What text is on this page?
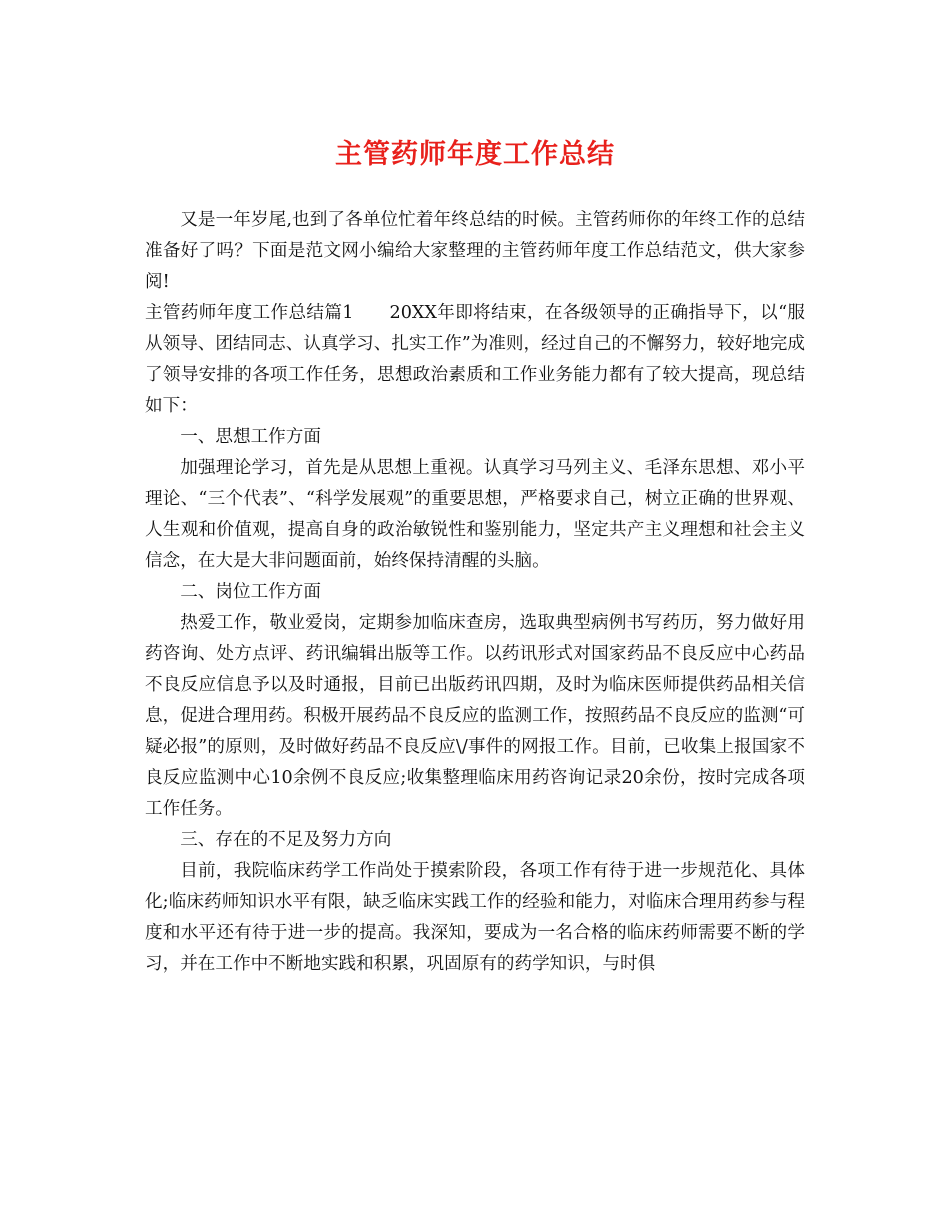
主管药师年度工作总结

又是一年岁尾,也到了各单位忙着年终总结的时候。主管药师你的年终工作的总结准备好了吗？下面是范文网小编给大家整理的主管药师年度工作总结范文，供大家参阅!

主管药师年度工作总结篇1 20XX年即将结束，在各级领导的正确指导下，以“服从领导、团结同志、认真学习、扎实工作”为准则，经过自己的不懈努力，较好地完成了领导安排的各项工作任务，思想政治素质和工作业务能力都有了较大提高，现总结如下：

一、思想工作方面

加强理论学习，首先是从思想上重视。认真学习马列主义、毛泽东思想、邓小平理论、“三个代表”、“科学发展观”的重要思想，严格要求自己，树立正确的世界观、人生观和价值观，提高自身的政治敏锐性和鉴别能力，坚定共产主义理想和社会主义信念，在大是大非问题面前，始终保持清醒的头脑。

二、岗位工作方面

热爱工作，敬业爱岗，定期参加临床查房，选取典型病例书写药历，努力做好用药咨询、处方点评、药讯编辑出版等工作。以药讯形式对国家药品不良反应中心药品不良反应信息予以及时通报，目前已出版药讯四期，及时为临床医师提供药品相关信息，促进合理用药。积极开展药品不良反应的监测工作，按照药品不良反应的监测“可疑必报”的原则，及时做好药品不良反应\/事件的网报工作。目前，已收集上报国家不良反应监测中心10余例不良反应;收集整理临床用药咨询记录20余份，按时完成各项工作任务。

三、存在的不足及努力方向

目前，我院临床药学工作尚处于摸索阶段，各项工作有待于进一步规范化、具体化;临床药师知识水平有限，缺乏临床实践工作的经验和能力，对临床合理用药参与程度和水平还有待于进一步的提高。我深知，要成为一名合格的临床药师需要不断的学习，并在工作中不断地实践和积累，巩固原有的药学知识，与时俱
